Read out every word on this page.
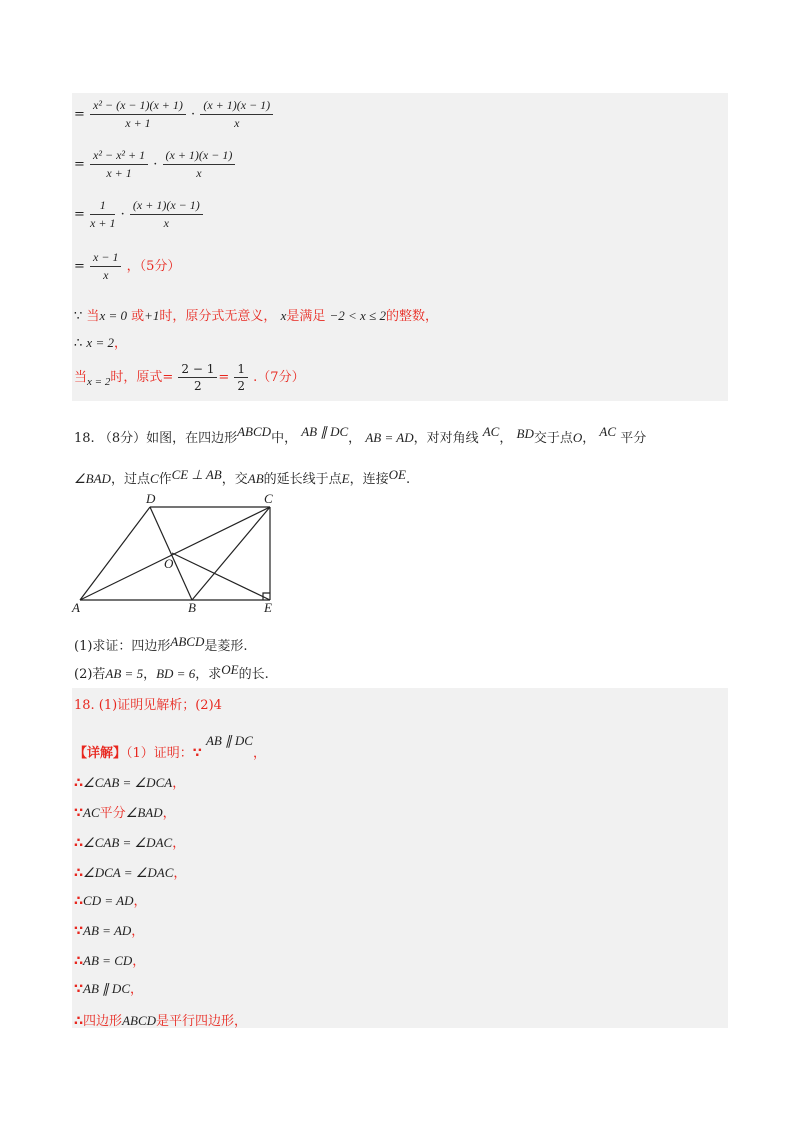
= $\frac{\text{x² − (x − 1)(x + 1)}}{x + 1} \cdot \frac{(x + 1)(x - 1)}{x}$
= $\frac{\text{x² − x² + 1}}{x + 1} \cdot \frac{(x + 1)(x - 1)}{x}$
= $\frac{1}{x + 1} \cdot \frac{(x + 1)(x - 1)}{x}$
= $\frac{x - 1}{x}$ ，（5分）
∵ 当x = 0 或+1时，原分式无意义， x是满足 −2 < x ≤ 2的整数，
∴ x = 2，
当$_{x = 2}$时，原式= $\frac{2 - 1}{2} = \frac{1}{2} .(7$分）
18. （8分）如图，在四边形ABCD中， AB ∥ DC， AB = AD，对对角线 AC， BD交于点O， AC 平分
∠BAD，过点C作CE ⊥ AB，交AB的延长线于点E，连接OE.
A	B
C
D
E
O
(1)求证：四边形ABCD是菱形.
(2)若AB = 5，BD = 6，求OE的长.
18. (1)证明见解析；(2)4
【详解】（1）证明：∵ AB ∥ DC，
∴∠CAB = ∠DCA，
∵AC平分∠BAD，
∴∠CAB = ∠DAC，
∴∠DCA = ∠DAC，
∴CD = AD，
∵AB = AD，
∴AB = CD，
∵AB ∥ DC，
∴四边形ABCD是平行四边形，
